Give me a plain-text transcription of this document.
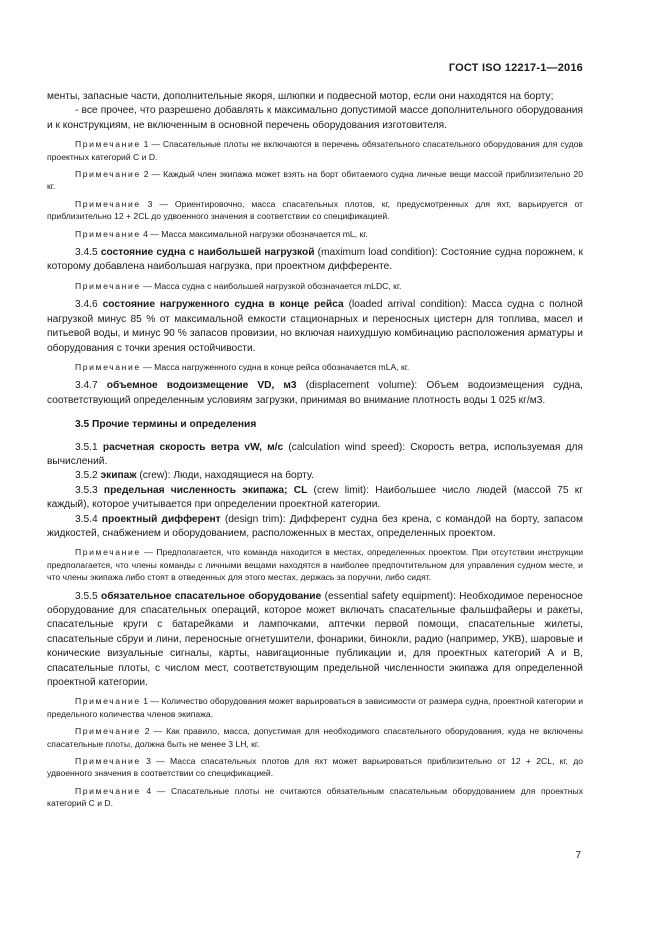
ГОСТ ISO 12217-1—2016

менты, запасные части, дополнительные якоря, шлюпки и подвесной мотор, если они находятся на борту;

- все прочее, что разрешено добавлять к максимально допустимой массе дополнительного оборудования и к конструкциям, не включенным в основной перечень оборудования изготовителя.

Примечание 1 — Спасательные плоты не включаются в перечень обязательного спасательного оборудования для судов проектных категорий С и D.

Примечание 2 — Каждый член экипажа может взять на борт обитаемого судна личные вещи массой приблизительно 20 кг.

Примечание 3 — Ориентировочно, масса спасательных плотов, кг, предусмотренных для яхт, варьируется от приблизительно 12 + 2CL до удвоенного значения в соответствии со спецификацией.

Примечание 4 — Масса максимальной нагрузки обозначается mL, кг.

3.4.5 состояние судна с наибольшей нагрузкой (maximum load condition): Состояние судна порожнем, к которому добавлена наибольшая нагрузка, при проектном дифференте.

Примечание — Масса судна с наибольшей нагрузкой обозначается mLDC, кг.

3.4.6 состояние нагруженного судна в конце рейса (loaded arrival condition): Масса судна с полной нагрузкой минус 85 % от максимальной емкости стационарных и переносных цистерн для топлива, масел и питьевой воды, и минус 90 % запасов провизии, но включая наихудшую комбинацию расположения арматуры и оборудования с точки зрения остойчивости.

Примечание — Масса нагруженного судна в конце рейса обозначается mLA, кг.

3.4.7 объемное водоизмещение VD, м3 (displacement volume): Объем водоизмещения судна, соответствующий определенным условиям загрузки, принимая во внимание плотность воды 1 025 кг/м3.

3.5 Прочие термины и определения

3.5.1 расчетная скорость ветра vW, м/с (calculation wind speed): Скорость ветра, используемая для вычислений.

3.5.2 экипаж (crew): Люди, находящиеся на борту.

3.5.3 предельная численность экипажа; CL (crew limit): Наибольшее число людей (массой 75 кг каждый), которое учитывается при определении проектной категории.

3.5.4 проектный дифферент (design trim): Дифферент судна без крена, с командой на борту, запасом жидкостей, снабжением и оборудованием, расположенных в местах, определенных проектом.

Примечание — Предполагается, что команда находится в местах, определенных проектом. При отсутствии инструкции предполагается, что члены команды с личными вещами находятся в наиболее предпочтительном для управления судном месте, и что члены экипажа либо стоят в отведенных для этого местах, держась за поручни, либо сидят.

3.5.5 обязательное спасательное оборудование (essential safety equipment): Необходимое переносное оборудование для спасательных операций, которое может включать спасательные фальшфайеры и ракеты, спасательные круги с батарейками и лампочками, аптечки первой помощи, спасательные жилеты, спасательные сбруи и лини, переносные огнетушители, фонарики, бинокли, радио (например, УКВ), шаровые и конические визуальные сигналы, карты, навигационные публикации и, для проектных категорий А и В, спасательные плоты, с числом мест, соответствующим предельной численности экипажа для определенной проектной категории.

Примечание 1 — Количество оборудования может варьироваться в зависимости от размера судна, проектной категории и предельного количества членов экипажа.

Примечание 2 — Как правило, масса, допустимая для необходимого спасательного оборудования, куда не включены спасательные плоты, должна быть не менее 3 LH, кг.

Примечание 3 — Масса спасательных плотов для яхт может варьироваться приблизительно от 12 + 2CL, кг, до удвоенного значения в соответствии со спецификацией.

Примечание 4 — Спасательные плоты не считаются обязательным спасательным оборудованием для проектных категорий С и D.

7
